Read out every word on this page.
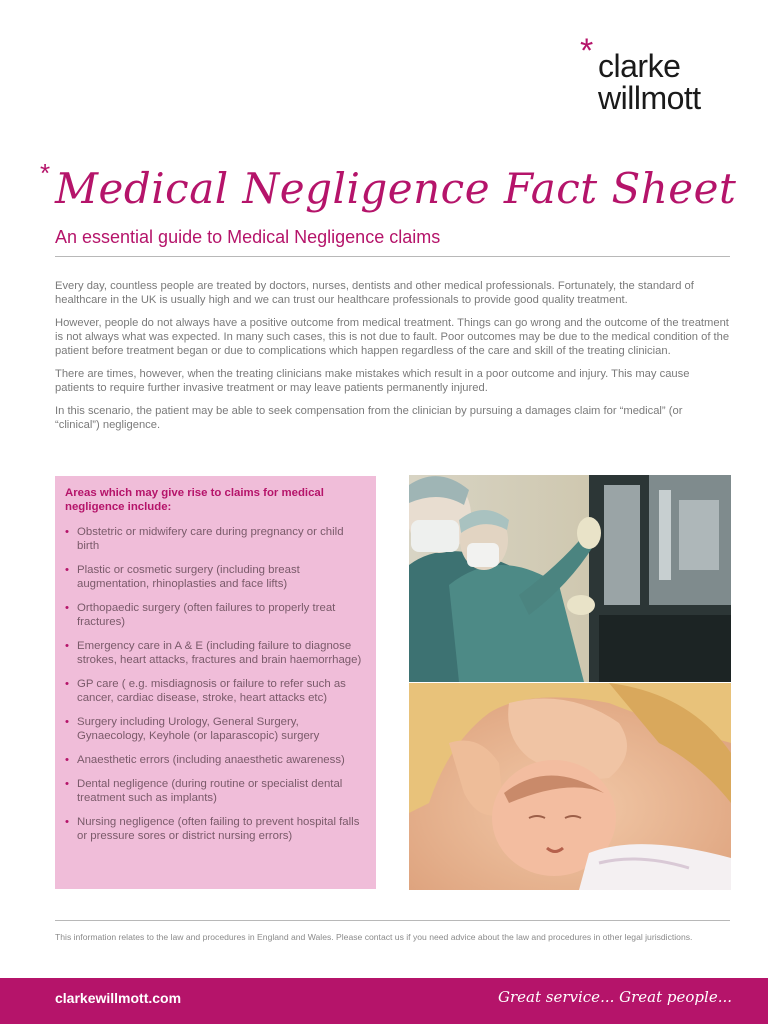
* clarke
willmott
* Medical Negligence Fact Sheet
An essential guide to Medical Negligence claims

Every day, countless people are treated by doctors, nurses, dentists and other medical professionals. Fortunately, the standard of healthcare in the UK is usually high and we can trust our healthcare professionals to provide good quality treatment.

However, people do not always have a positive outcome from medical treatment. Things can go wrong and the outcome of the treatment is not always what was expected. In many such cases, this is not due to fault. Poor outcomes may be due to the medical condition of the patient before treatment began or due to complications which happen regardless of the care and skill of the treating clinician.

There are times, however, when the treating clinicians make mistakes which result in a poor outcome and injury. This may cause patients to require further invasive treatment or may leave patients permanently injured.

In this scenario, the patient may be able to seek compensation from the clinician by pursuing a damages claim for “medical” (or “clinical”) negligence.

Areas which may give rise to claims for medical negligence include:

• Obstetric or midwifery care during pregnancy or child birth
• Plastic or cosmetic surgery (including breast augmentation, rhinoplasties and face lifts)
• Orthopaedic surgery (often failures to properly treat fractures)
• Emergency care in A & E (including failure to diagnose strokes, heart attacks, fractures and brain haemorrhage)
• GP care ( e.g. misdiagnosis or failure to refer such as cancer, cardiac disease, stroke, heart attacks etc)
• Surgery including Urology, General Surgery, Gynaecology, Keyhole (or laparascopic) surgery
• Anaesthetic errors (including anaesthetic awareness)
• Dental negligence (during routine or specialist dental treatment such as implants)
• Nursing negligence (often failing to prevent hospital falls or pressure sores or district nursing errors)

This information relates to the law and procedures in England and Wales. Please contact us if you need advice about the law and procedures in other legal jurisdictions.

clarkewillmott.com	Great service... Great people...
